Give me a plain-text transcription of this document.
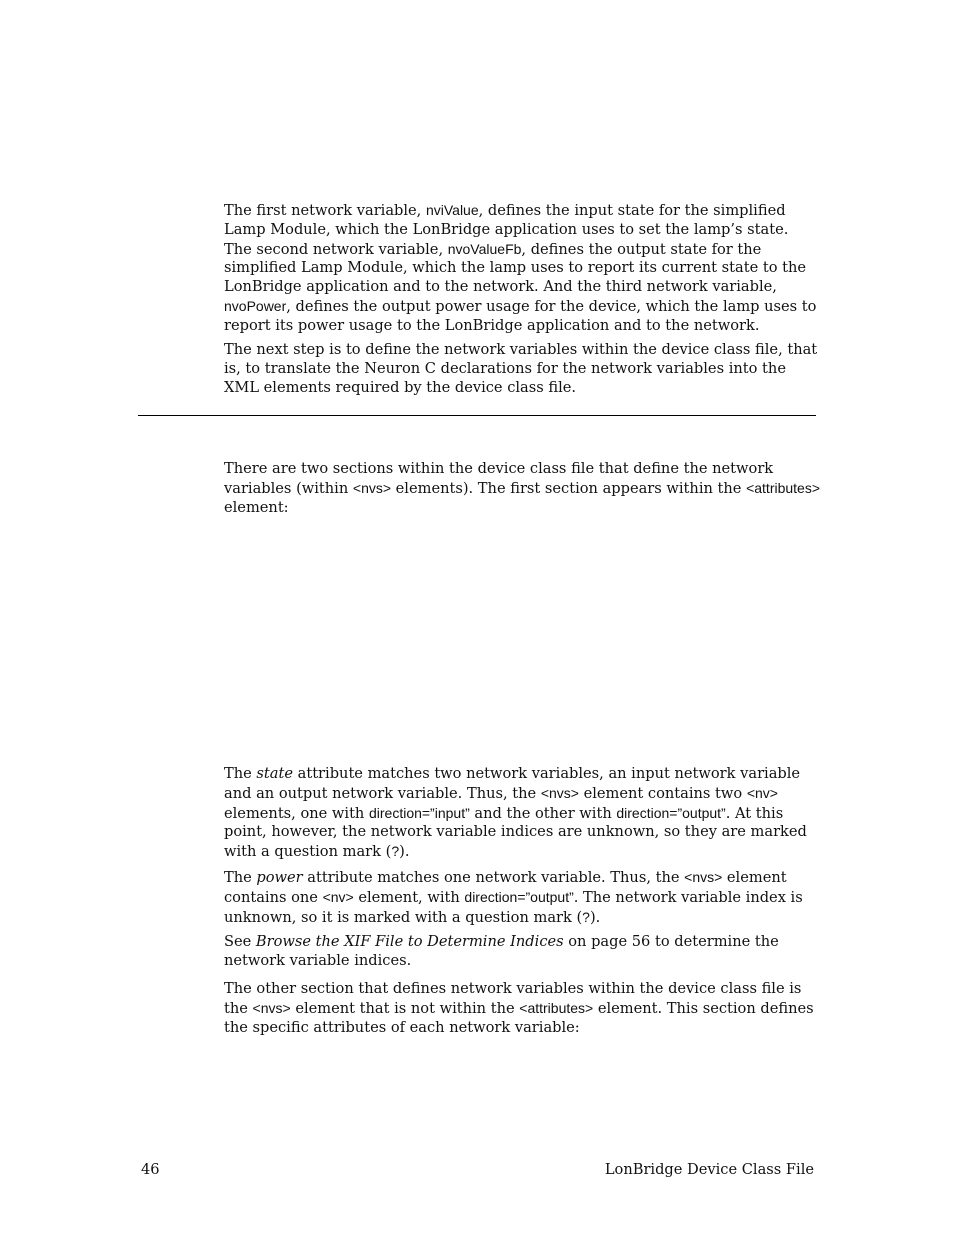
The first network variable, nviValue, defines the input state for the simplified Lamp Module, which the LonBridge application uses to set the lamp’s state. The second network variable, nvoValueFb, defines the output state for the simplified Lamp Module, which the lamp uses to report its current state to the LonBridge application and to the network. And the third network variable, nvoPower, defines the output power usage for the device, which the lamp uses to report its power usage to the LonBridge application and to the network.

The next step is to define the network variables within the device class file, that is, to translate the Neuron C declarations for the network variables into the XML elements required by the device class file.

There are two sections within the device class file that define the network variables (within <nvs> elements). The first section appears within the <attributes> element:

The state attribute matches two network variables, an input network variable and an output network variable. Thus, the <nvs> element contains two <nv> elements, one with direction=”input” and the other with direction=”output”. At this point, however, the network variable indices are unknown, so they are marked with a question mark (?).

The power attribute matches one network variable. Thus, the <nvs> element contains one <nv> element, with direction=”output”. The network variable index is unknown, so it is marked with a question mark (?).

See Browse the XIF File to Determine Indices on page 56 to determine the network variable indices.

The other section that defines network variables within the device class file is the <nvs> element that is not within the <attributes> element. This section defines the specific attributes of each network variable:

46	LonBridge Device Class File
